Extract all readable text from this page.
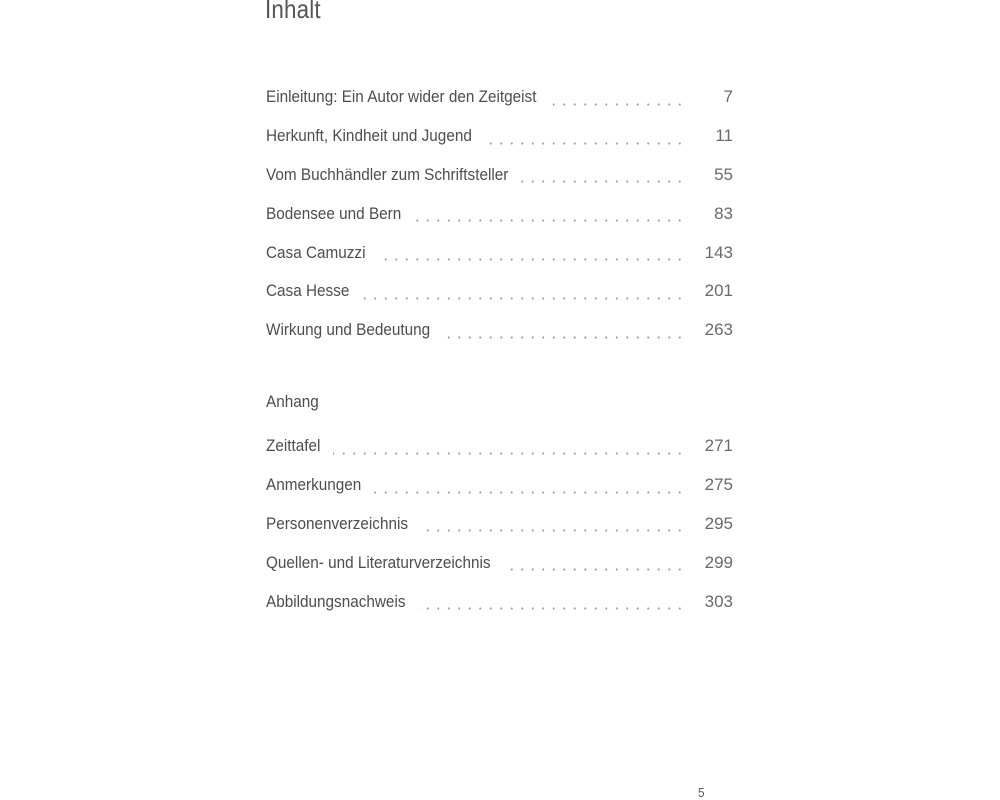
Inhalt
Einleitung: Ein Autor wider den Zeitgeist	7
Herkunft, Kindheit und Jugend	11
Vom Buchhändler zum Schriftsteller	55
Bodensee und Bern	83
Casa Camuzzi	143
Casa Hesse	201
Wirkung und Bedeutung	263
Anhang
Zeittafel	271
Anmerkungen	275
Personenverzeichnis	295
Quellen- und Literaturverzeichnis	299
Abbildungsnachweis	303
5
